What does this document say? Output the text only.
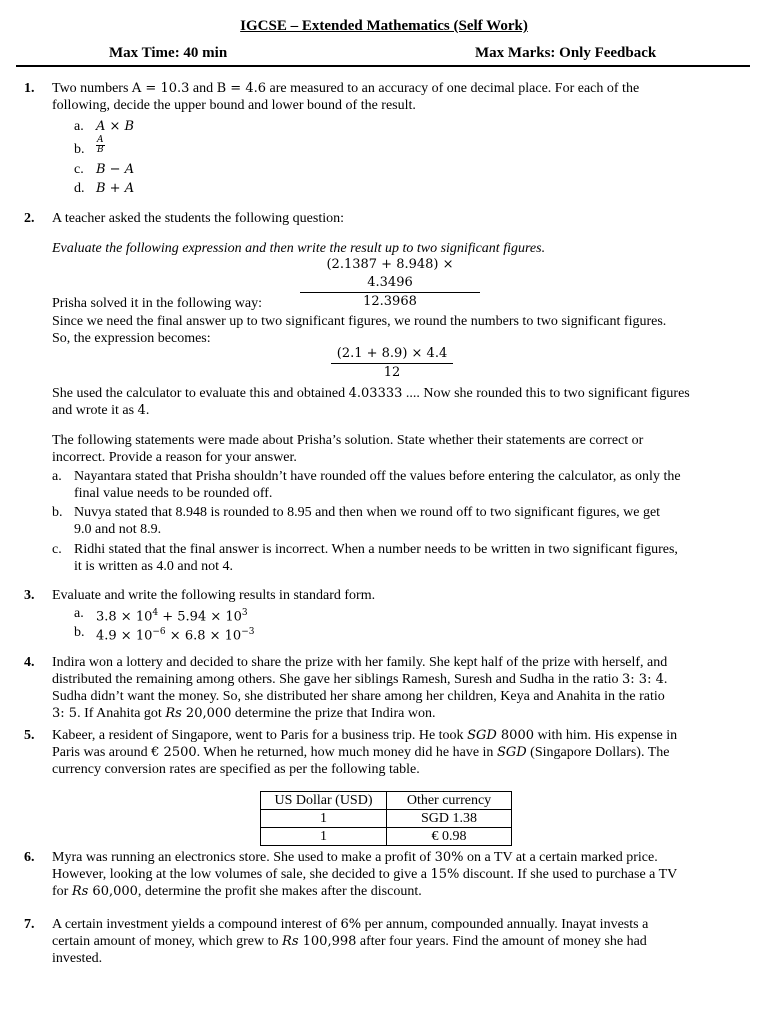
IGCSE – Extended Mathematics (Self Work)
Max Time: 40 min	Max Marks: Only Feedback
1. Two numbers A = 10.3 and B = 4.6 are measured to an accuracy of one decimal place. For each of the
following, decide the upper bound and lower bound of the result.
a. A × B
b. $\frac{A}{B}$
c. B − A
d. B + A
2. A teacher asked the students the following question:
Evaluate the following expression and then write the result up to two significant figures.
$\frac{(2.1387 + 8.948) \times 4.3496}{12.3968}$
Prisha solved it in the following way:
Since we need the final answer up to two significant figures, we round the numbers to two significant figures.
So, the expression becomes:
$\frac{(2.1 + 8.9) \times 4.4}{12}$
She used the calculator to evaluate this and obtained 4.03333 .... Now she rounded this to two significant figures
and wrote it as 4.
The following statements were made about Prisha’s solution. State whether their statements are correct or
incorrect. Provide a reason for your answer.
a. Nayantara stated that Prisha shouldn’t have rounded off the values before entering the calculator, as only the
final value needs to be rounded off.
b. Nuvya stated that 8.948 is rounded to 8.95 and then when we round off to two significant figures, we get
9.0 and not 8.9.
c. Ridhi stated that the final answer is incorrect. When a number needs to be written in two significant figures,
it is written as 4.0 and not 4.
3. Evaluate and write the following results in standard form.
a. $3.8 \times 10^4 + 5.94 \times 10^3$
b. $4.9 \times 10^{-6} \times 6.8 \times 10^{-3}$
4. Indira won a lottery and decided to share the prize with her family. She kept half of the prize with herself, and
distributed the remaining among others. She gave her siblings Ramesh, Suresh and Sudha in the ratio 3: 3: 4.
Sudha didn’t want the money. So, she distributed her share among her children, Keya and Anahita in the ratio
3: 5. If Anahita got Rs 20,000 determine the prize that Indira won.
5. Kabeer, a resident of Singapore, went to Paris for a business trip. He took SGD 8000 with him. His expense in
Paris was around € 2500. When he returned, how much money did he have in SGD (Singapore Dollars). The
currency conversion rates are specified as per the following table.
US Dollar (USD)	Other currency
1	SGD 1.38
1	€ 0.98
6. Myra was running an electronics store. She used to make a profit of 30% on a TV at a certain marked price.
However, looking at the low volumes of sale, she decided to give a 15% discount. If she used to purchase a TV
for Rs 60,000, determine the profit she makes after the discount.
7. A certain investment yields a compound interest of 6% per annum, compounded annually. Inayat invests a
certain amount of money, which grew to Rs 100,998 after four years. Find the amount of money she had
invested.
